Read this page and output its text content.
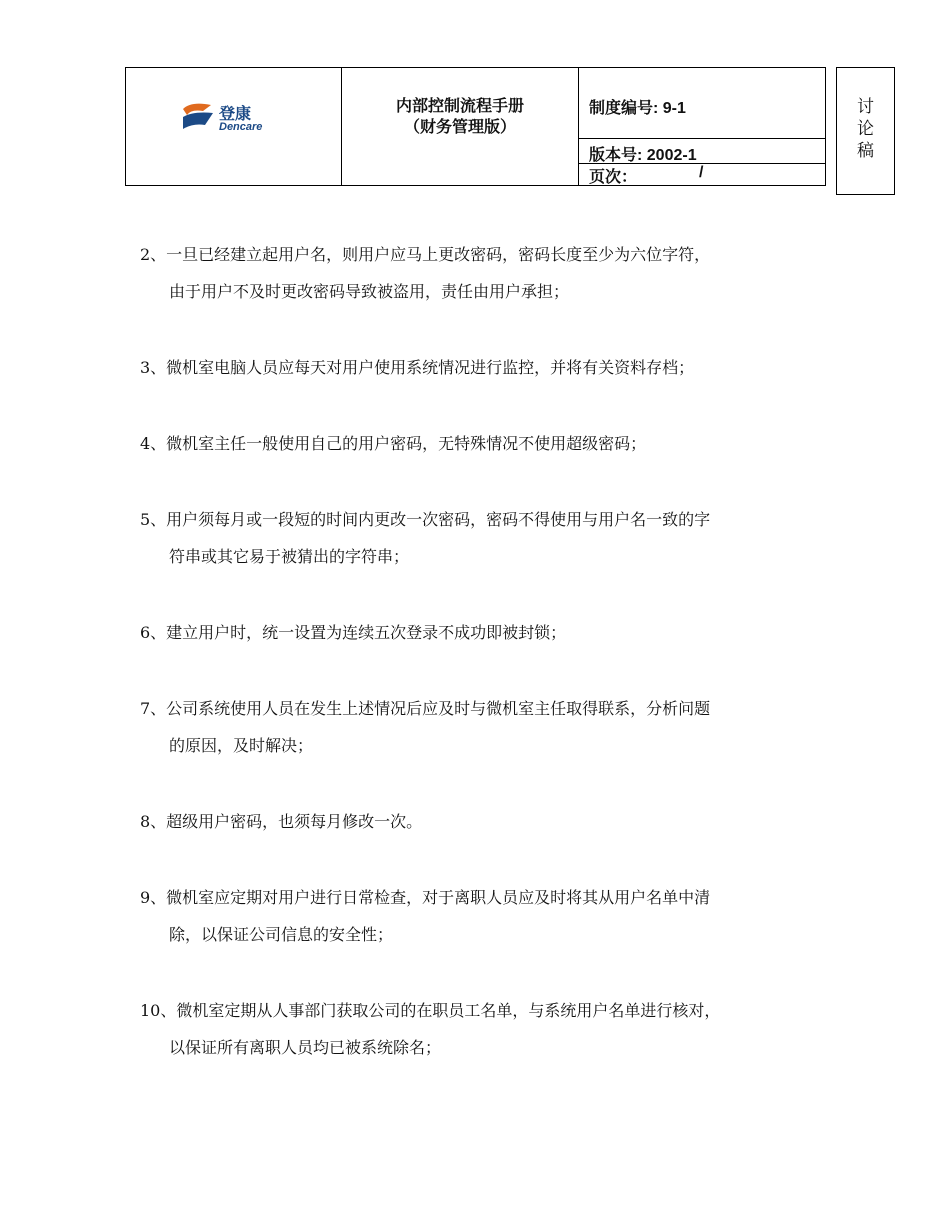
登康
Dencare
内部控制流程手册
（财务管理版）
制度编号: 9-1
版本号: 2002-1
页次：	/
讨
论
稿
2、一旦已经建立起用户名，则用户应马上更改密码，密码长度至少为六位字符，
由于用户不及时更改密码导致被盗用，责任由用户承担；
3、微机室电脑人员应每天对用户使用系统情况进行监控，并将有关资料存档；
4、微机室主任一般使用自己的用户密码，无特殊情况不使用超级密码；
5、用户须每月或一段短的时间内更改一次密码，密码不得使用与用户名一致的字
符串或其它易于被猜出的字符串；
6、建立用户时，统一设置为连续五次登录不成功即被封锁；
7、公司系统使用人员在发生上述情况后应及时与微机室主任取得联系，分析问题
的原因，及时解决；
8、超级用户密码，也须每月修改一次。
9、微机室应定期对用户进行日常检查，对于离职人员应及时将其从用户名单中清
除，以保证公司信息的安全性；
10、微机室定期从人事部门获取公司的在职员工名单，与系统用户名单进行核对，
以保证所有离职人员均已被系统除名；
